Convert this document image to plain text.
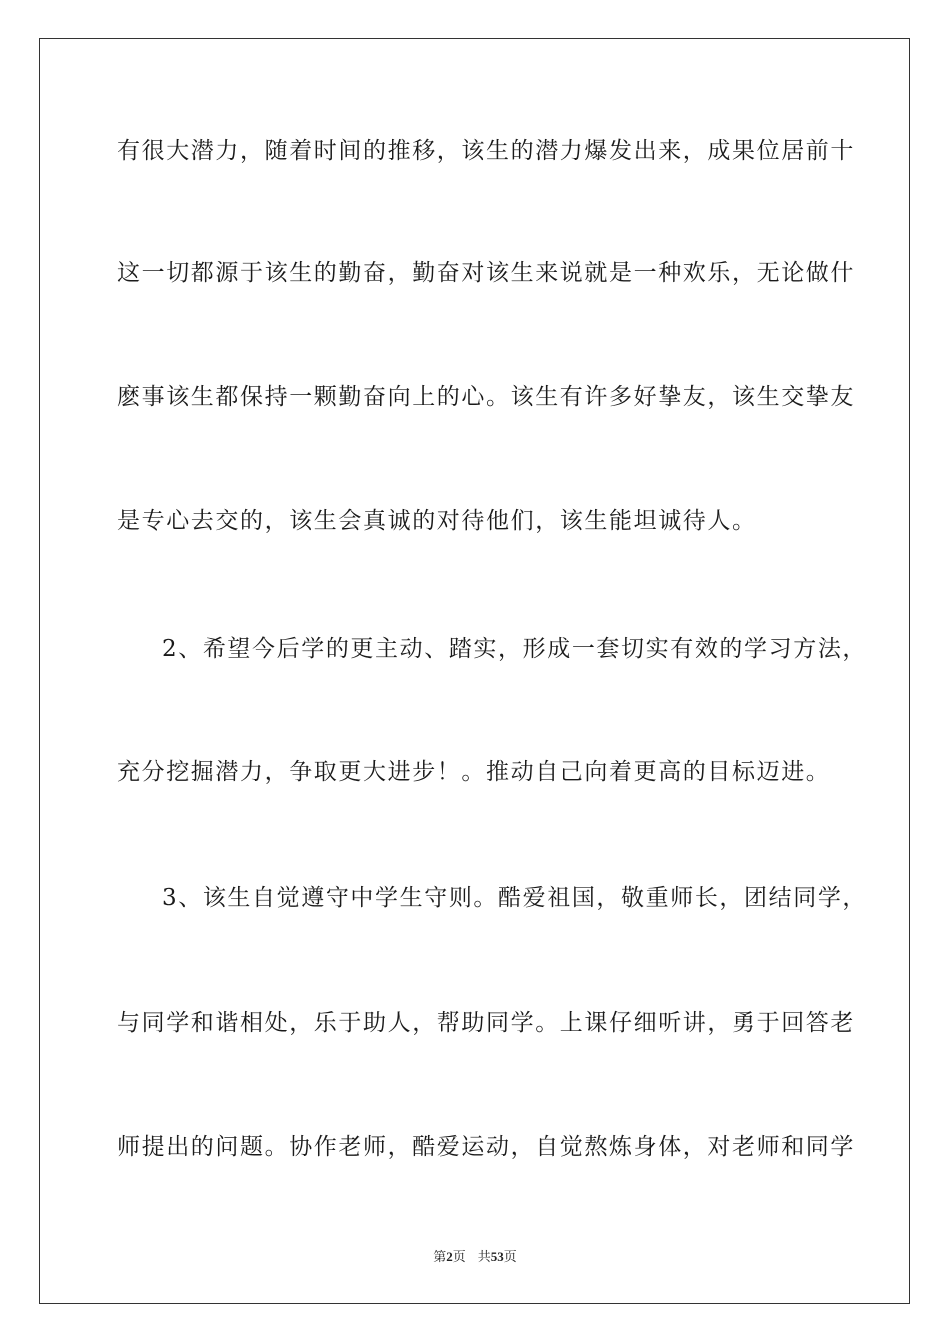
有很大潜力，随着时间的推移，该生的潜力爆发出来，成果位居前十
这一切都源于该生的勤奋，勤奋对该生来说就是一种欢乐，无论做什
麽事该生都保持一颗勤奋向上的心。该生有许多好挚友，该生交挚友
是专心去交的，该生会真诚的对待他们，该生能坦诚待人。
2、希望今后学的更主动、踏实，形成一套切实有效的学习方法，
充分挖掘潜力，争取更大进步！。推动自己向着更高的目标迈进。
3、该生自觉遵守中学生守则。酷爱祖国，敬重师长，团结同学，
与同学和谐相处，乐于助人，帮助同学。上课仔细听讲，勇于回答老
师提出的问题。协作老师，酷爱运动，自觉熬炼身体，对老师和同学
第2页 共53页
